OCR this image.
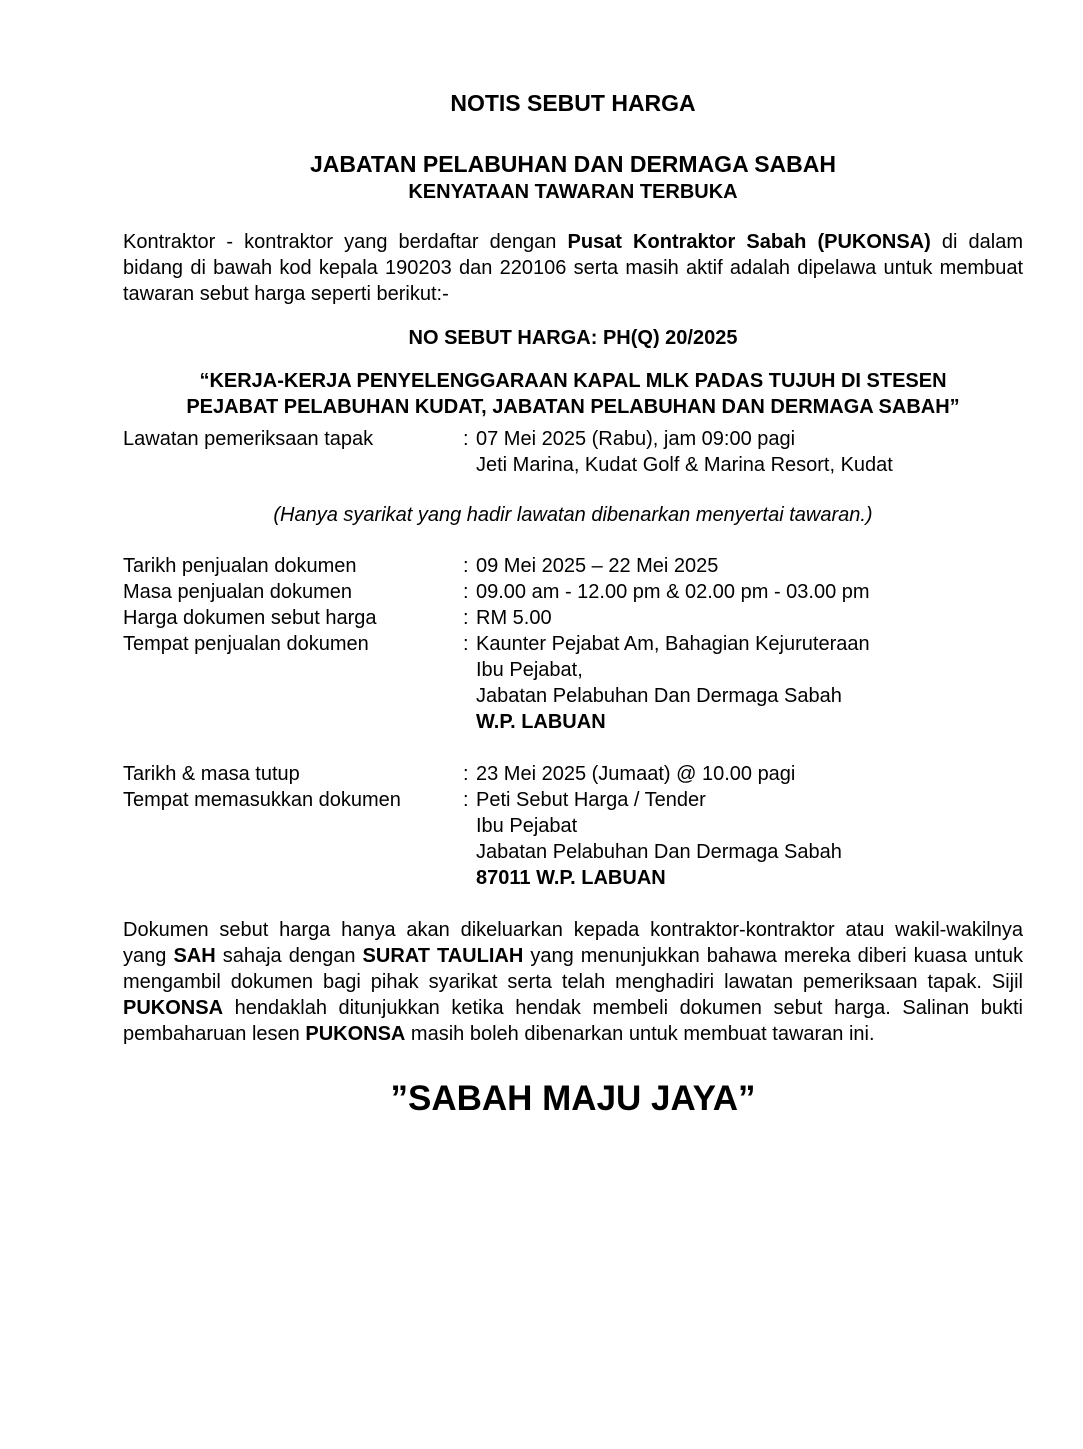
NOTIS SEBUT HARGA
JABATAN PELABUHAN DAN DERMAGA SABAH
KENYATAAN TAWARAN TERBUKA
Kontraktor - kontraktor yang berdaftar dengan Pusat Kontraktor Sabah (PUKONSA) di dalam bidang di bawah kod kepala 190203 dan 220106 serta masih aktif adalah dipelawa untuk membuat tawaran sebut harga seperti berikut:-
NO SEBUT HARGA: PH(Q) 20/2025
“KERJA-KERJA PENYELENGGARAAN KAPAL MLK PADAS TUJUH DI STESEN
PEJABAT PELABUHAN KUDAT, JABATAN PELABUHAN DAN DERMAGA SABAH”
Lawatan pemeriksaan tapak	: 07 Mei 2025 (Rabu), jam 09:00 pagi
Jeti Marina, Kudat Golf & Marina Resort, Kudat
(Hanya syarikat yang hadir lawatan dibenarkan menyertai tawaran.)
Tarikh penjualan dokumen	: 09 Mei 2025 – 22 Mei 2025
Masa penjualan dokumen	: 09.00 am - 12.00 pm & 02.00 pm - 03.00 pm
Harga dokumen sebut harga	: RM 5.00
Tempat penjualan dokumen	: Kaunter Pejabat Am, Bahagian Kejuruteraan
Ibu Pejabat,
Jabatan Pelabuhan Dan Dermaga Sabah
W.P. LABUAN
Tarikh & masa tutup	: 23 Mei 2025 (Jumaat) @ 10.00 pagi
Tempat memasukkan dokumen	: Peti Sebut Harga / Tender
Ibu Pejabat
Jabatan Pelabuhan Dan Dermaga Sabah
87011 W.P. LABUAN
Dokumen sebut harga hanya akan dikeluarkan kepada kontraktor-kontraktor atau wakil-wakilnya yang SAH sahaja dengan SURAT TAULIAH yang menunjukkan bahawa mereka diberi kuasa untuk mengambil dokumen bagi pihak syarikat serta telah menghadiri lawatan pemeriksaan tapak. Sijil PUKONSA hendaklah ditunjukkan ketika hendak membeli dokumen sebut harga. Salinan bukti pembaharuan lesen PUKONSA masih boleh dibenarkan untuk membuat tawaran ini.
”SABAH MAJU JAYA”
